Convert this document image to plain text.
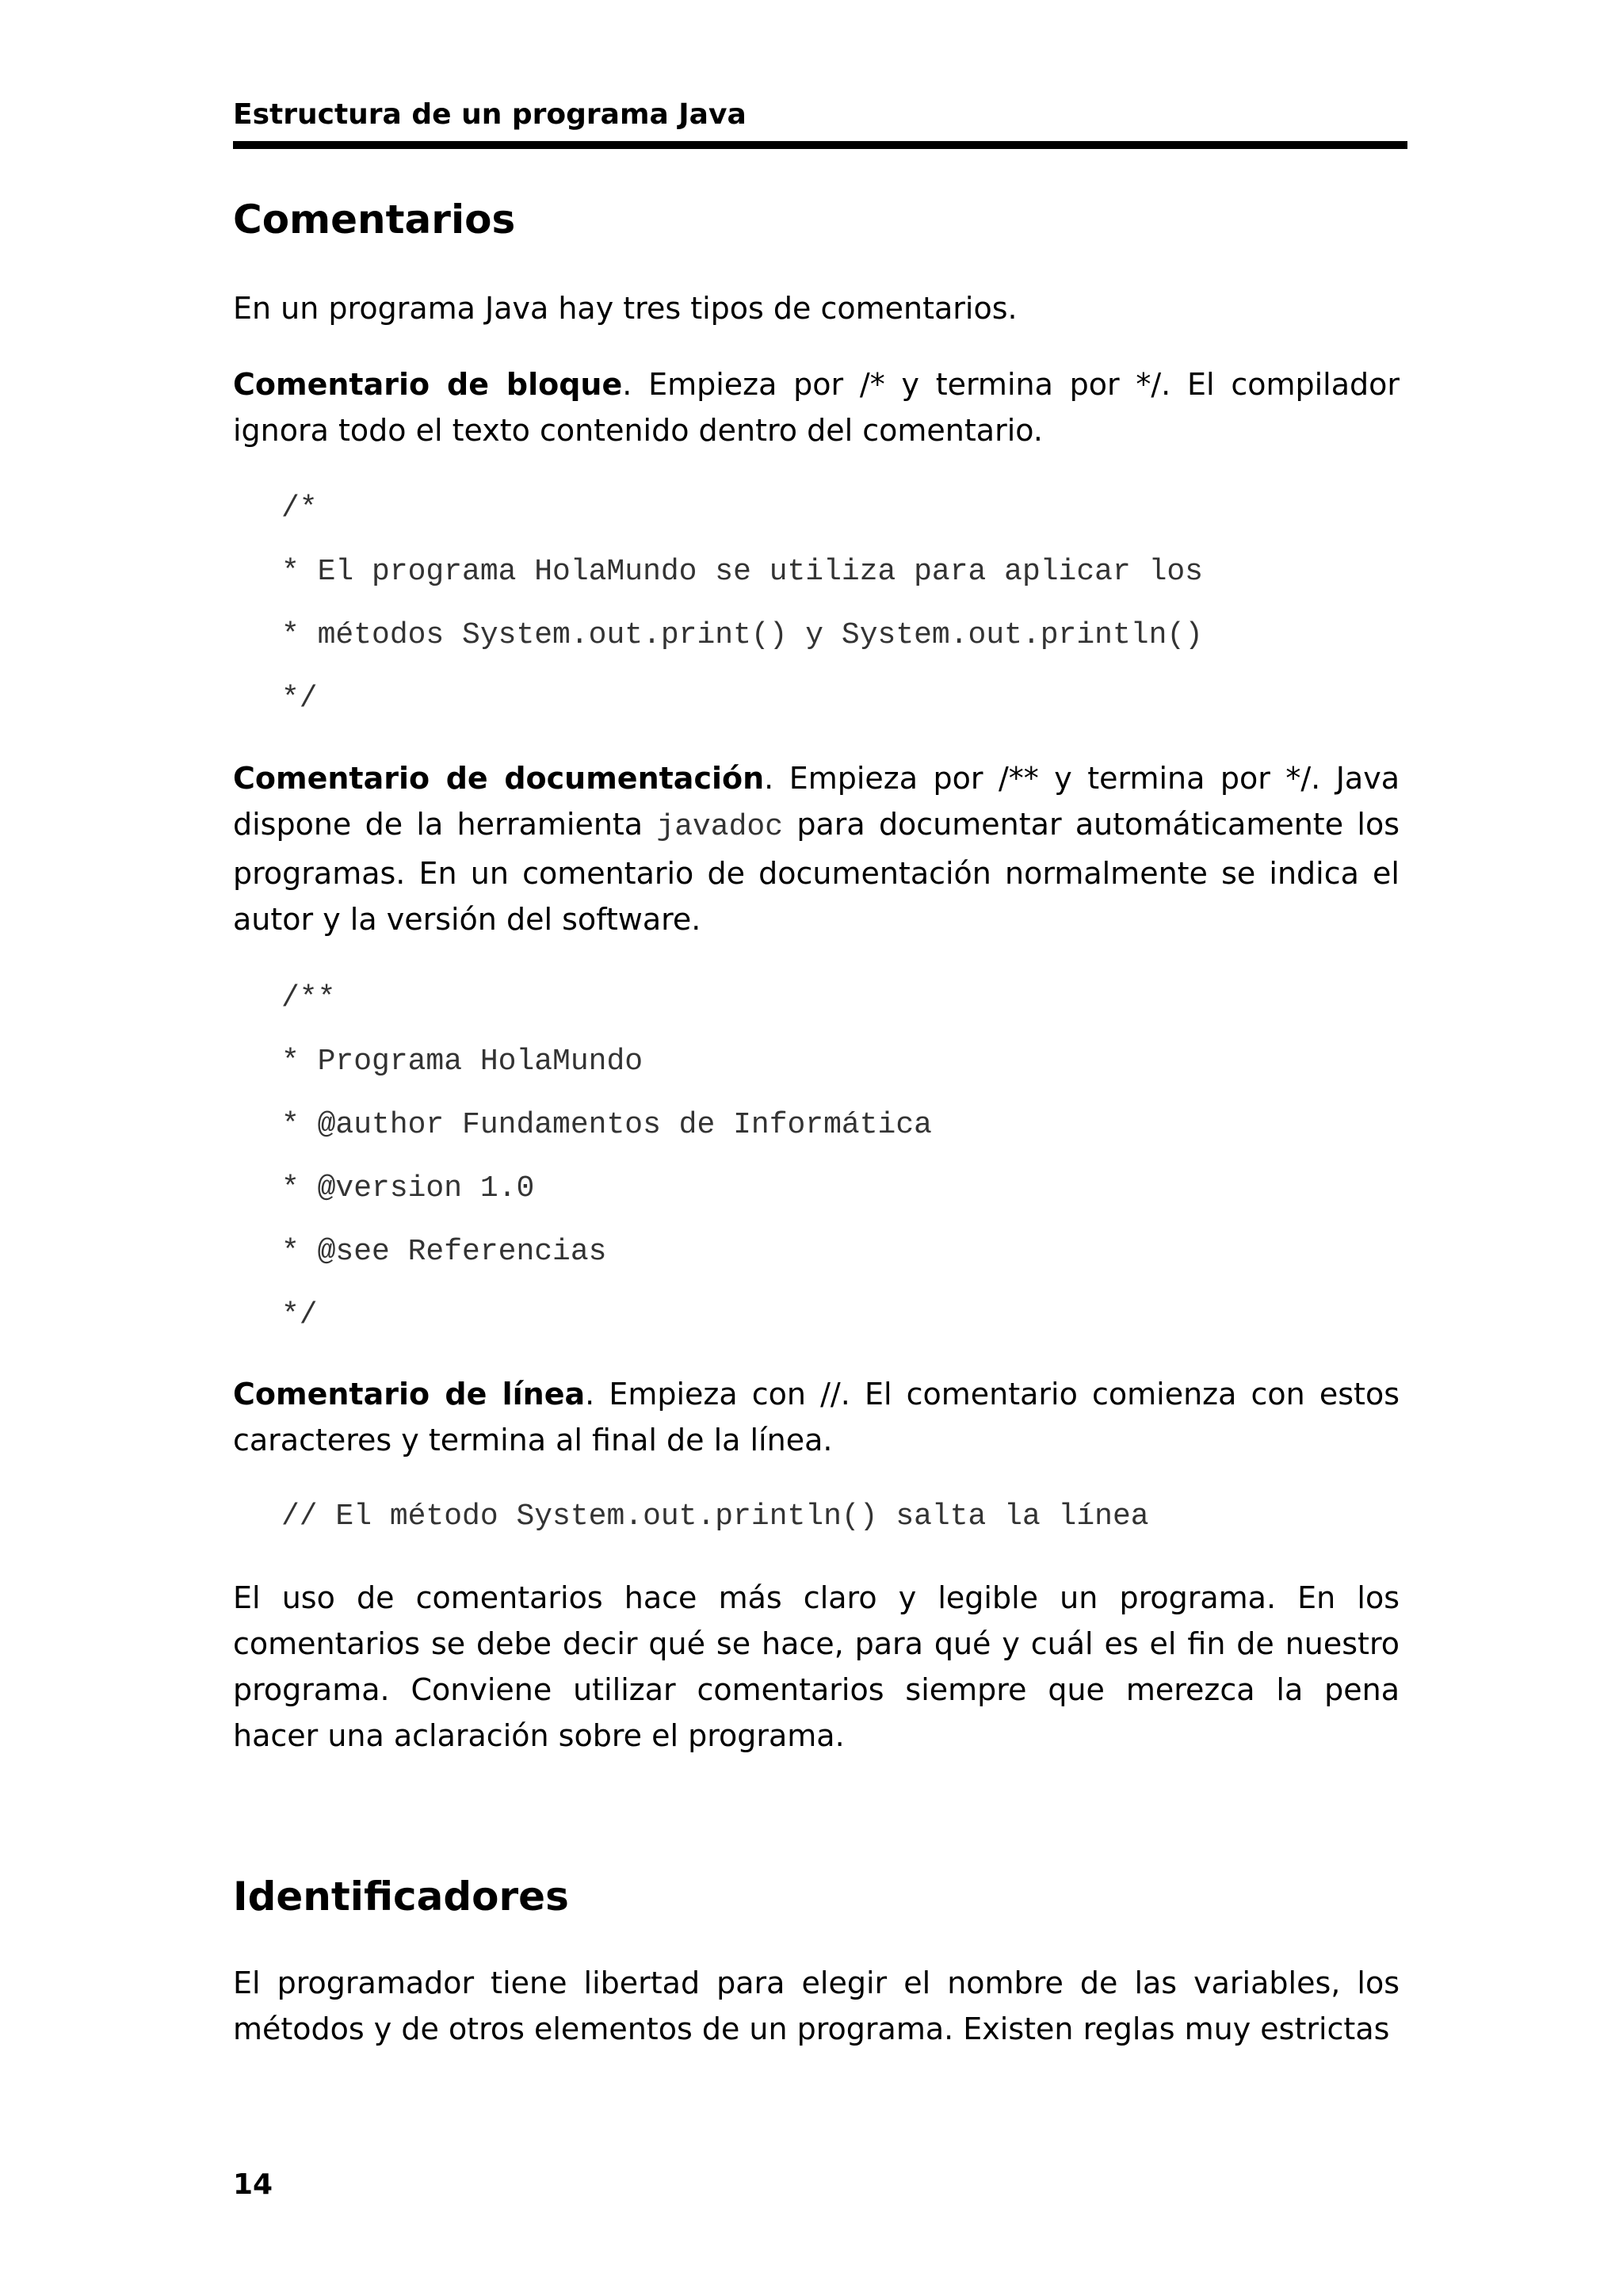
Estructura de un programa Java
Comentarios

En un programa Java hay tres tipos de comentarios.

Comentario de bloque. Empieza por /* y termina por */. El compilador ignora todo el texto contenido dentro del comentario.

/*
* El programa HolaMundo se utiliza para aplicar los
* métodos System.out.print() y System.out.println()
*/

Comentario de documentación. Empieza por /** y termina por */. Java dispone de la herramienta javadoc para documentar automáticamente los programas. En un comentario de documentación normalmente se indica el autor y la versión del software.

/**
* Programa HolaMundo
* @author Fundamentos de Informática
* @version 1.0
* @see Referencias
*/

Comentario de línea. Empieza con //. El comentario comienza con estos caracteres y termina al final de la línea.

// El método System.out.println() salta la línea

El uso de comentarios hace más claro y legible un programa. En los comentarios se debe decir qué se hace, para qué y cuál es el fin de nuestro programa. Conviene utilizar comentarios siempre que merezca la pena hacer una aclaración sobre el programa.

Identificadores

El programador tiene libertad para elegir el nombre de las variables, los métodos y de otros elementos de un programa. Existen reglas muy estrictas

14
